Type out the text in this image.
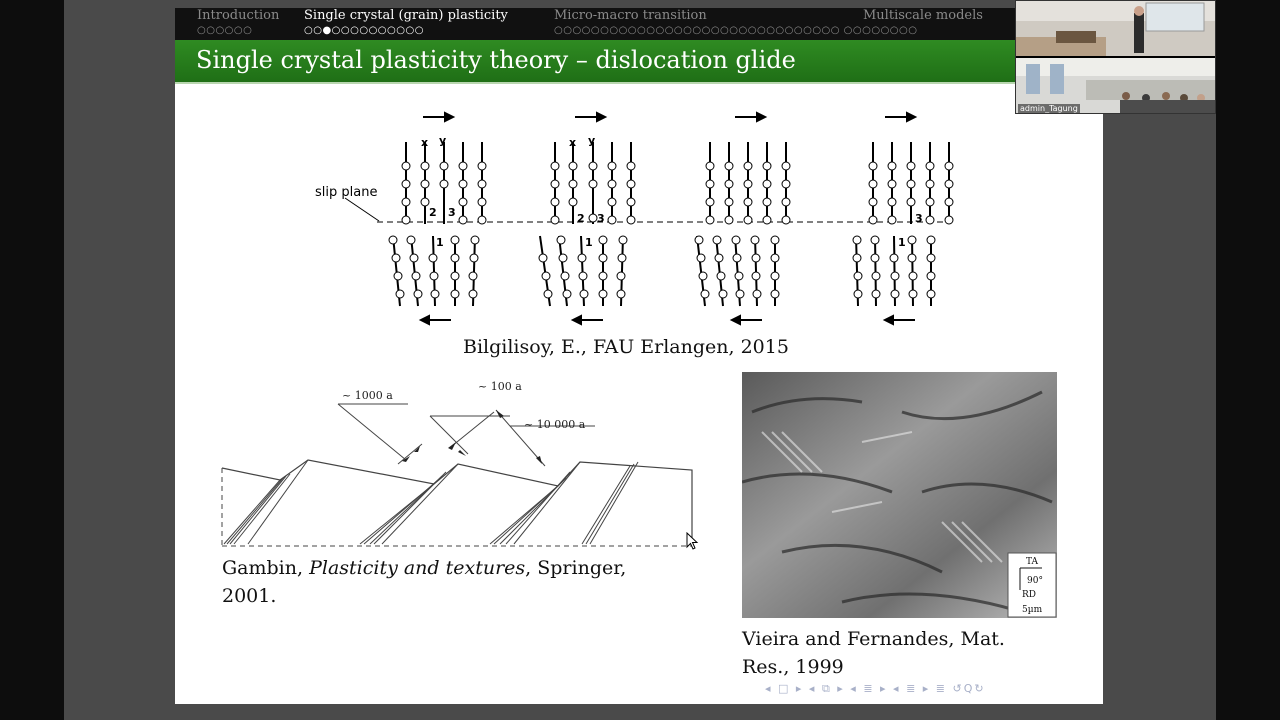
Introduction
○○○○○○
Single crystal (grain) plasticity
○○●○○○○○○○○○○
Micro-macro transition
○○○○○○○○○○○○○○○○○○○○○○○○○○○○○○○ ○○○○○○○○
Multiscale models
Single crystal plasticity theory – dislocation glide
slip plane
x y
2 3
1
x y
2 3
1
3
1
Bilgilisoy, E., FAU Erlangen, 2015
~ 1000 a
~ 100 a
~ 10 000 a
Gambin, Plasticity and textures, Springer,
2001.
TA
90°
RD
5µm
Vieira and Fernandes, Mat.
Res., 1999
◂ □ ▸ ◂ ⧉ ▸ ◂ ≣ ▸ ◂ ≣ ▸ ≣ ↺Q↻
admin_Tagung
